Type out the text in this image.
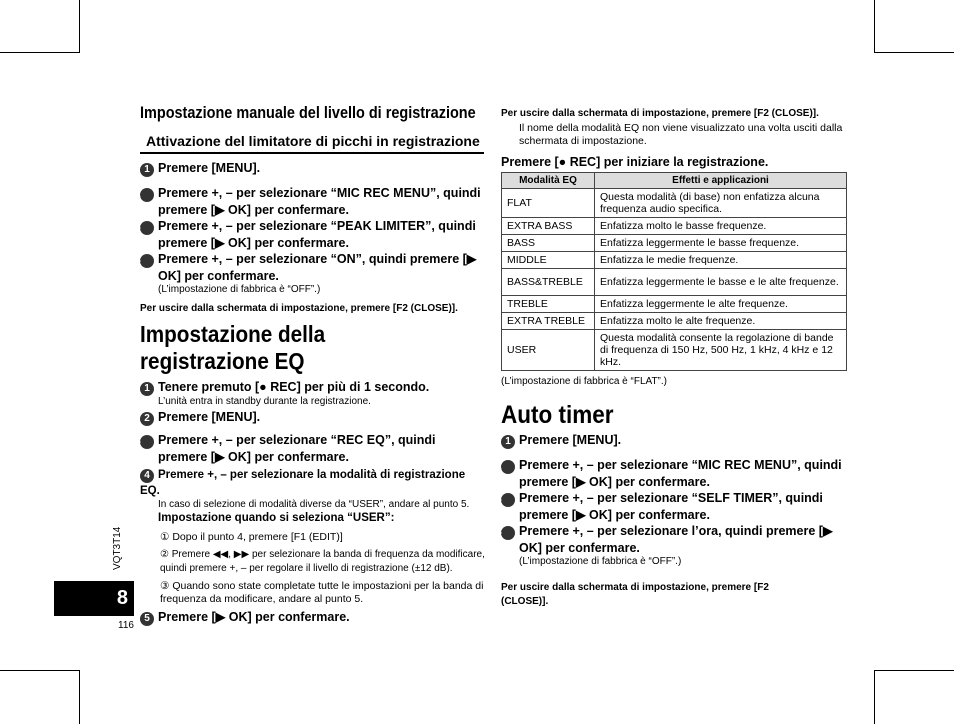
Impostazione manuale del livello di registrazione
Attivazione del limitatore di picchi in registrazione
1 Premere [MENU].
2 Premere +, – per selezionare “MIC REC MENU”, quindi premere [▶ OK] per confermare.
3 Premere +, – per selezionare “PEAK LIMITER”, quindi premere [▶ OK] per confermare.
4 Premere +, – per selezionare “ON”, quindi premere [▶ OK] per confermare.
(L’impostazione di fabbrica è “OFF”.)
Per uscire dalla schermata di impostazione, premere [F2 (CLOSE)].
Impostazione della registrazione EQ
1 Tenere premuto [● REC] per più di 1 secondo.
L’unità entra in standby durante la registrazione.
2 Premere [MENU].
3 Premere +, – per selezionare “REC EQ”, quindi premere [▶ OK] per confermare.
4 Premere +, – per selezionare la modalità di registrazione EQ.
In caso di selezione di modalità diverse da “USER”, andare al punto 5.
Impostazione quando si seleziona “USER”:
① Dopo il punto 4, premere [F1 (EDIT)]
② Premere ◀◀, ▶▶ per selezionare la banda di frequenza da modificare, quindi premere +, – per regolare il livello di registrazione (±12 dB).
③ Quando sono state completate tutte le impostazioni per la banda di frequenza da modificare, andare al punto 5.
5 Premere [▶ OK] per confermare.
Per uscire dalla schermata di impostazione, premere [F2 (CLOSE)].
Il nome della modalità EQ non viene visualizzato una volta usciti dalla schermata di impostazione.
Premere [● REC] per iniziare la registrazione.
Modalità EQ	Effetti e applicazioni
FLAT	Questa modalità (di base) non enfatizza alcuna frequenza audio specifica.
EXTRA BASS	Enfatizza molto le basse frequenze.
BASS	Enfatizza leggermente le basse frequenze.
MIDDLE	Enfatizza le medie frequenze.
BASS&TREBLE	Enfatizza leggermente le basse e le alte frequenze.
TREBLE	Enfatizza leggermente le alte frequenze.
EXTRA TREBLE	Enfatizza molto le alte frequenze.
USER	Questa modalità consente la regolazione di bande di frequenza di 150 Hz, 500 Hz, 1 kHz, 4 kHz e 12 kHz.
(L’impostazione di fabbrica è “FLAT”.)
Auto timer
1 Premere [MENU].
2 Premere +, – per selezionare “MIC REC MENU”, quindi premere [▶ OK] per confermare.
3 Premere +, – per selezionare “SELF TIMER”, quindi premere [▶ OK] per confermare.
4 Premere +, – per selezionare l’ora, quindi premere [▶ OK] per confermare.
(L’impostazione di fabbrica è “OFF”.)
Per uscire dalla schermata di impostazione, premere [F2 (CLOSE)].
VQT3T14
8
116
